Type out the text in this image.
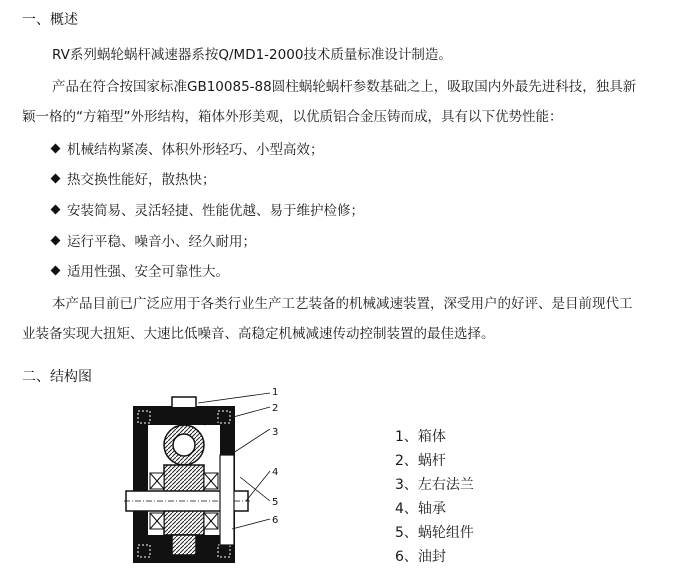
一、概述
RV系列蜗轮蜗杆减速器系按Q/MD1-2000技术质量标准设计制造。
产品在符合按国家标准GB10085-88圆柱蜗轮蜗杆参数基础之上，吸取国内外最先进科技，独具新
颖一格的“方箱型”外形结构，箱体外形美观，以优质铝合金压铸而成，具有以下优势性能：
机械结构紧凑、体积外形轻巧、小型高效；
热交换性能好，散热快；
安装简易、灵活轻捷、性能优越、易于维护检修；
运行平稳、噪音小、经久耐用；
适用性强、安全可靠性大。
本产品目前已广泛应用于各类行业生产工艺装备的机械减速装置，深受用户的好评、是目前现代工
业装备实现大扭矩、大速比低噪音、高稳定机械减速传动控制装置的最佳选择。
二、结构图
1
2
3
4
5
6
1、箱体
2、蜗杆
3、左右法兰
4、轴承
5、蜗轮组件
6、油封
